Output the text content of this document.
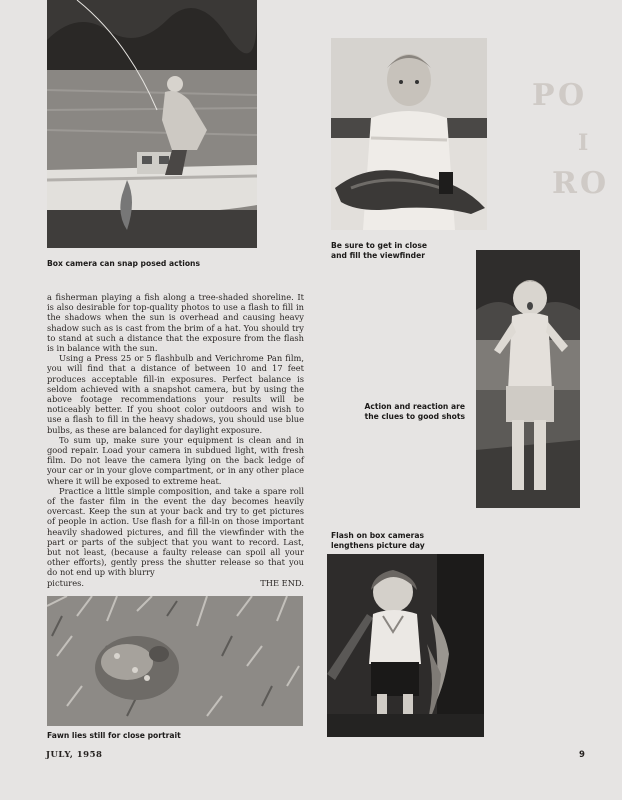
P O
I
R O
Box camera can snap posed actions
Be sure to get in close
and fill the viewfinder
Action and reaction are
the clues to good shots

a fisherman playing a fish along a tree-shaded shoreline. It is also desirable for top-quality photos to use a flash to fill in the shadows when the sun is overhead and causing heavy shadow such as is cast from the brim of a hat. You should try to stand at such a distance that the exposure from the flash is in balance with the sun.

Using a Press 25 or 5 flashbulb and Verichrome Pan film, you will find that a distance of between 10 and 17 feet produces acceptable fill-in exposures. Perfect balance is seldom achieved with a snapshot camera, but by using the above footage recommendations your results will be noticeably better. If you shoot color outdoors and wish to use a flash to fill in the heavy shadows, you should use blue bulbs, as these are balanced for daylight exposure.

To sum up, make sure your equipment is clean and in good repair. Load your camera in subdued light, with fresh film. Do not leave the camera lying on the back ledge of your car or in your glove compartment, or in any other place where it will be exposed to extreme heat.

Practice a little simple composition, and take a spare roll of the faster film in the event the day becomes heavily overcast. Keep the sun at your back and try to get pictures of people in action. Use flash for a fill-in on those important heavily shadowed pictures, and fill the viewfinder with the part or parts of the subject that you want to record. Last, but not least, (because a faulty release can spoil all your other efforts), gently press the shutter release so that you do not end up with blurry

pictures.	THE END.
Flash on box cameras
lengthens picture day
Fawn lies still for close portrait
JULY, 1958	9
